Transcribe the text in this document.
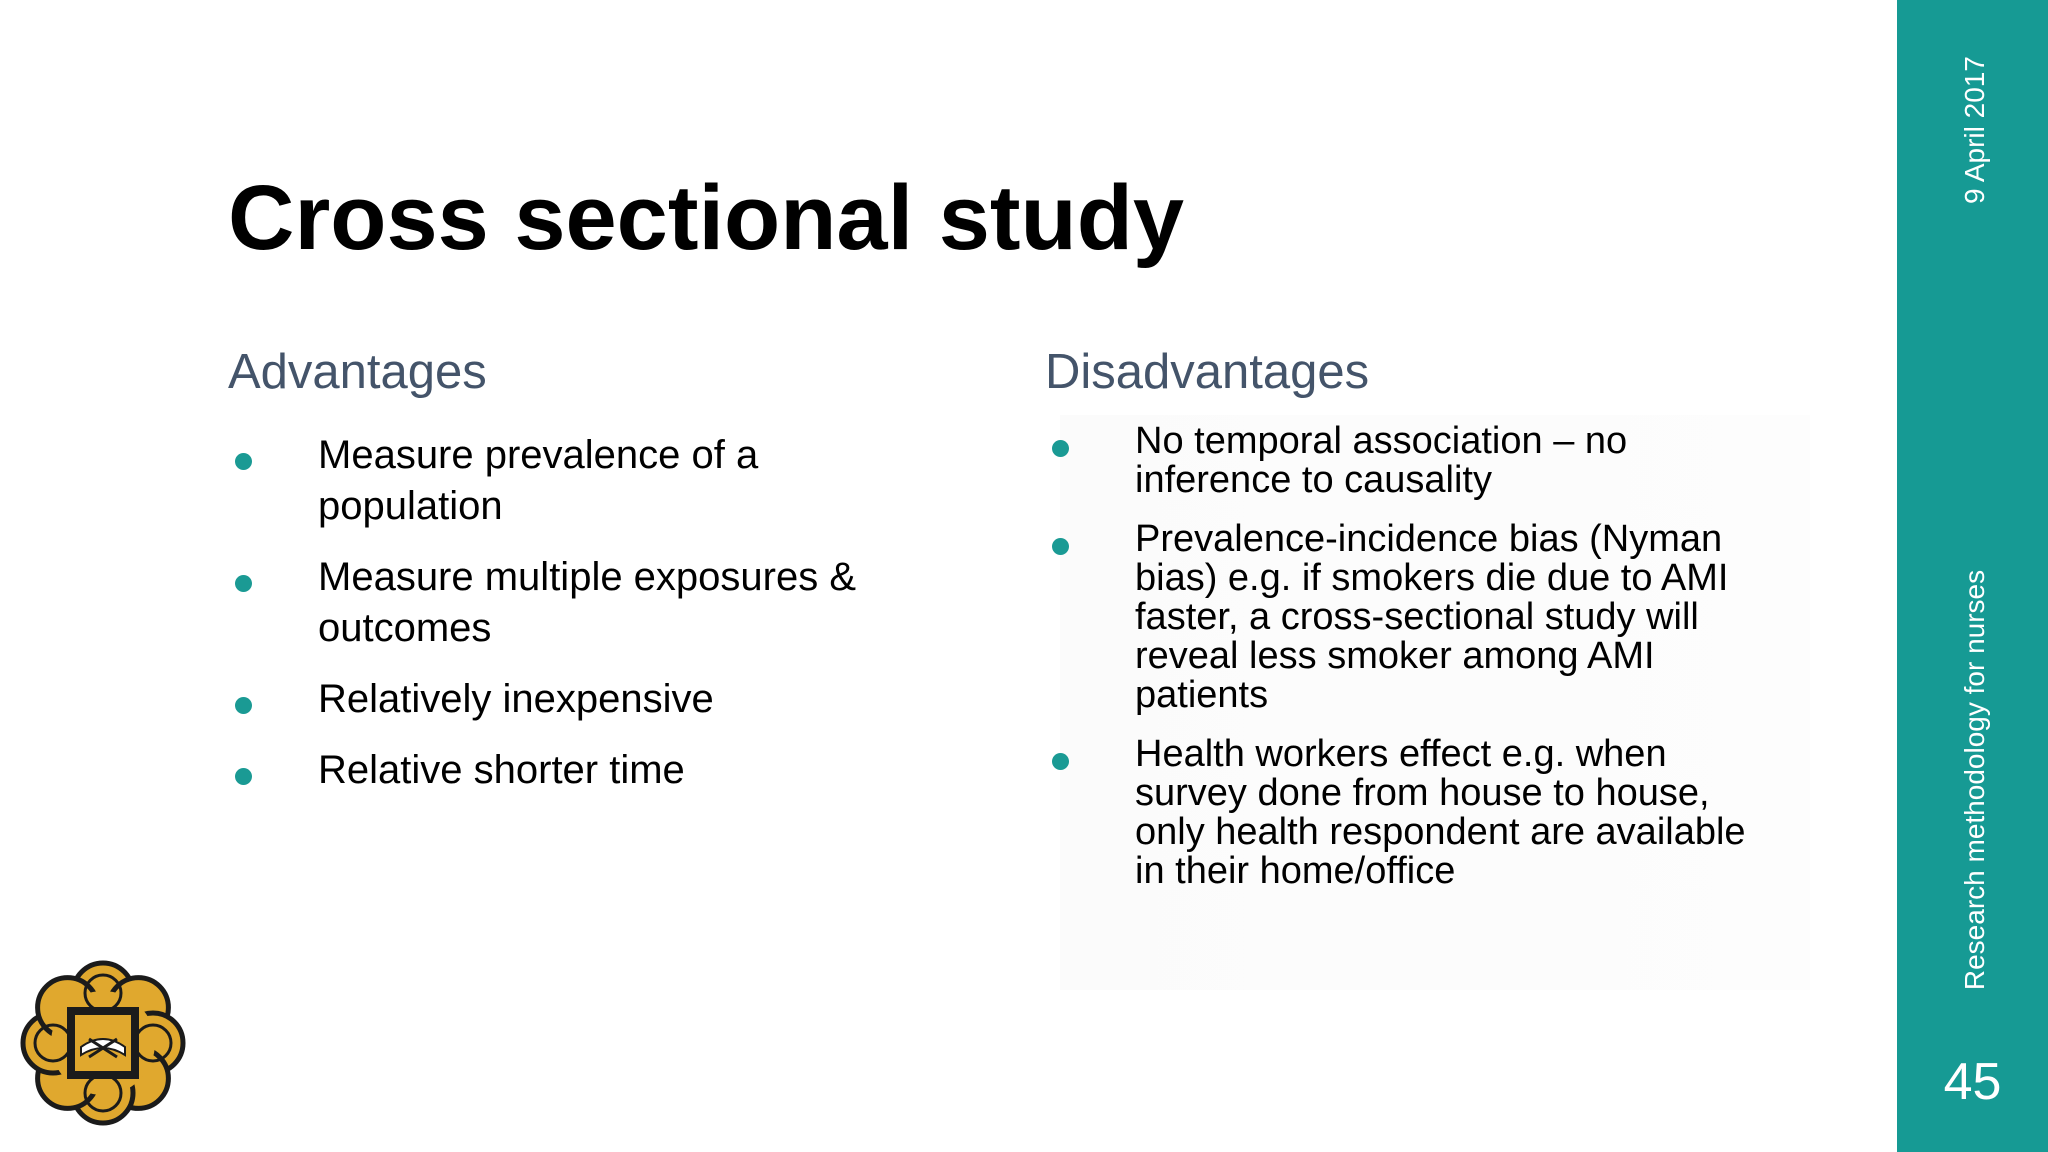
Cross sectional study
Advantages
Measure prevalence of a population
Measure multiple exposures & outcomes
Relatively inexpensive
Relative shorter time
Disadvantages
No temporal association – no inference to causality
Prevalence-incidence bias (Nyman bias) e.g. if smokers die due to AMI faster, a cross-sectional study will reveal less smoker among AMI patients
Health workers effect e.g. when survey done from house to house, only health respondent are available in their home/office
9 April 2017
Research methodology for nurses
45
